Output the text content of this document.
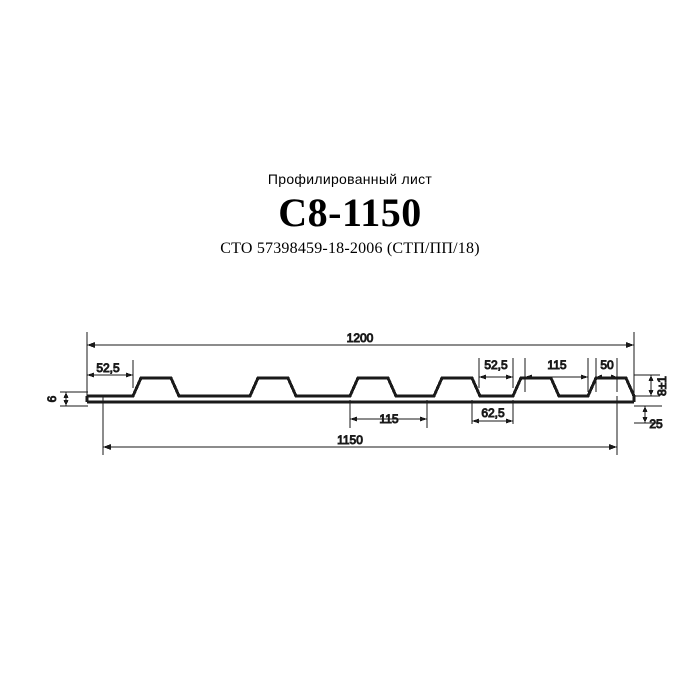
Профилированный лист
C8-1150
СТО 57398459-18-2006 (СТП/ПП/18)
1200
1150
52,5	52,5	115	50
115	62,5
6
8±1
25
